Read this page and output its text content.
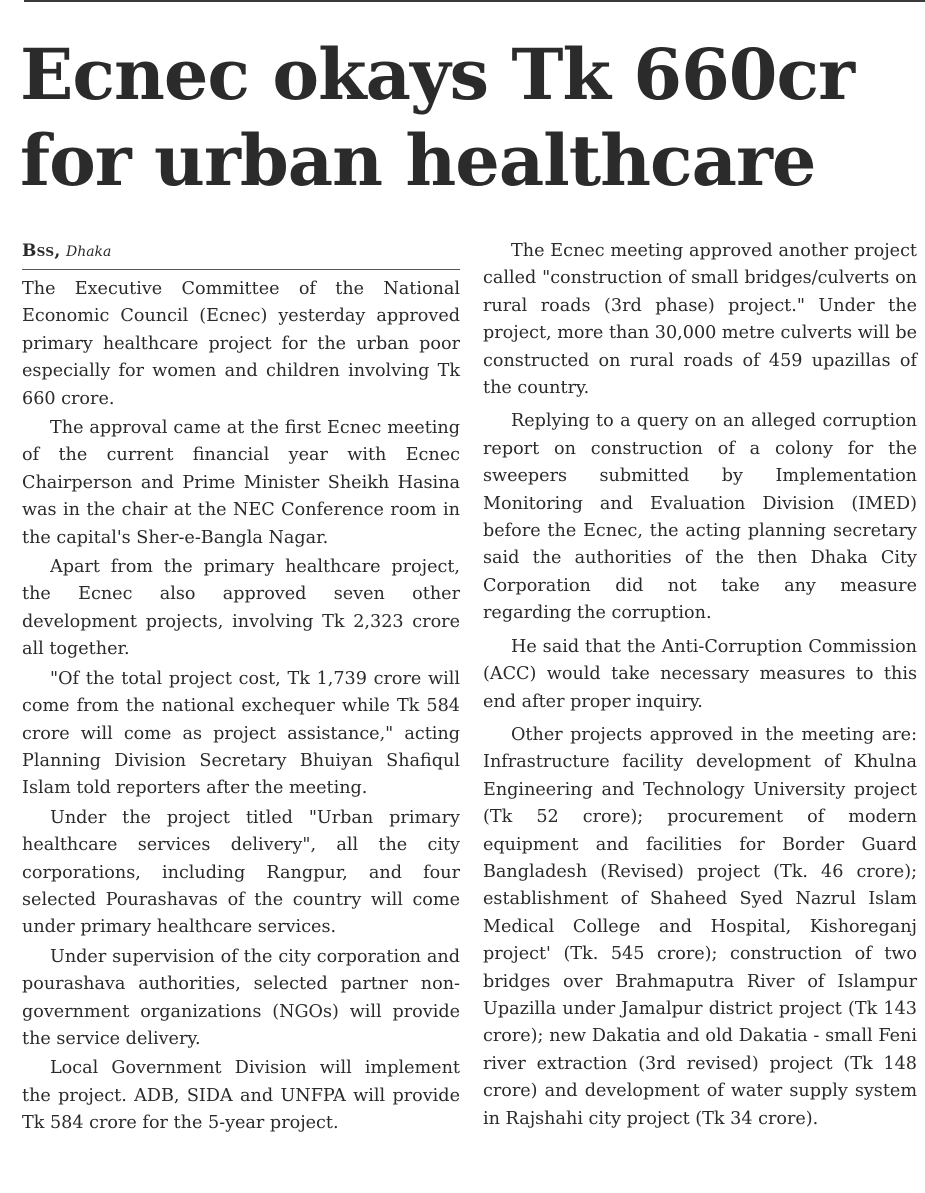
Ecnec okays Tk 660cr
for urban healthcare
Bss, Dhaka

The Executive Committee of the National Economic Council (Ecnec) yesterday approved primary healthcare project for the urban poor especially for women and children involving Tk 660 crore.

The approval came at the first Ecnec meeting of the current financial year with Ecnec Chairperson and Prime Minister Sheikh Hasina was in the chair at the NEC Conference room in the capital's Sher-e-Bangla Nagar.

Apart from the primary healthcare project, the Ecnec also approved seven other development projects, involving Tk 2,323 crore all together.

"Of the total project cost, Tk 1,739 crore will come from the national exchequer while Tk 584 crore will come as project assistance," acting Planning Division Secretary Bhuiyan Shafiqul Islam told reporters after the meeting.

Under the project titled "Urban primary healthcare services delivery", all the city corporations, including Rangpur, and four selected Pourashavas of the country will come under primary healthcare services.

Under supervision of the city corporation and pourashava authorities, selected partner non-government organizations (NGOs) will provide the service delivery.

Local Government Division will implement the project. ADB, SIDA and UNFPA will provide Tk 584 crore for the 5-year project.

The Ecnec meeting approved another project called "construction of small bridges/culverts on rural roads (3rd phase) project." Under the project, more than 30,000 metre culverts will be constructed on rural roads of 459 upazillas of the country.

Replying to a query on an alleged corruption report on construction of a colony for the sweepers submitted by Implementation Monitoring and Evaluation Division (IMED) before the Ecnec, the acting planning secretary said the authorities of the then Dhaka City Corporation did not take any measure regarding the corruption.

He said that the Anti-Corruption Commission (ACC) would take necessary measures to this end after proper inquiry.

Other projects approved in the meeting are: Infrastructure facility development of Khulna Engineering and Technology University project (Tk 52 crore); procurement of modern equipment and facilities for Border Guard Bangladesh (Revised) project (Tk. 46 crore); establishment of Shaheed Syed Nazrul Islam Medical College and Hospital, Kishoreganj project' (Tk. 545 crore); construction of two bridges over Brahmaputra River of Islampur Upazilla under Jamalpur district project (Tk 143 crore); new Dakatia and old Dakatia - small Feni river extraction (3rd revised) project (Tk 148 crore) and development of water supply system in Rajshahi city project (Tk 34 crore).
